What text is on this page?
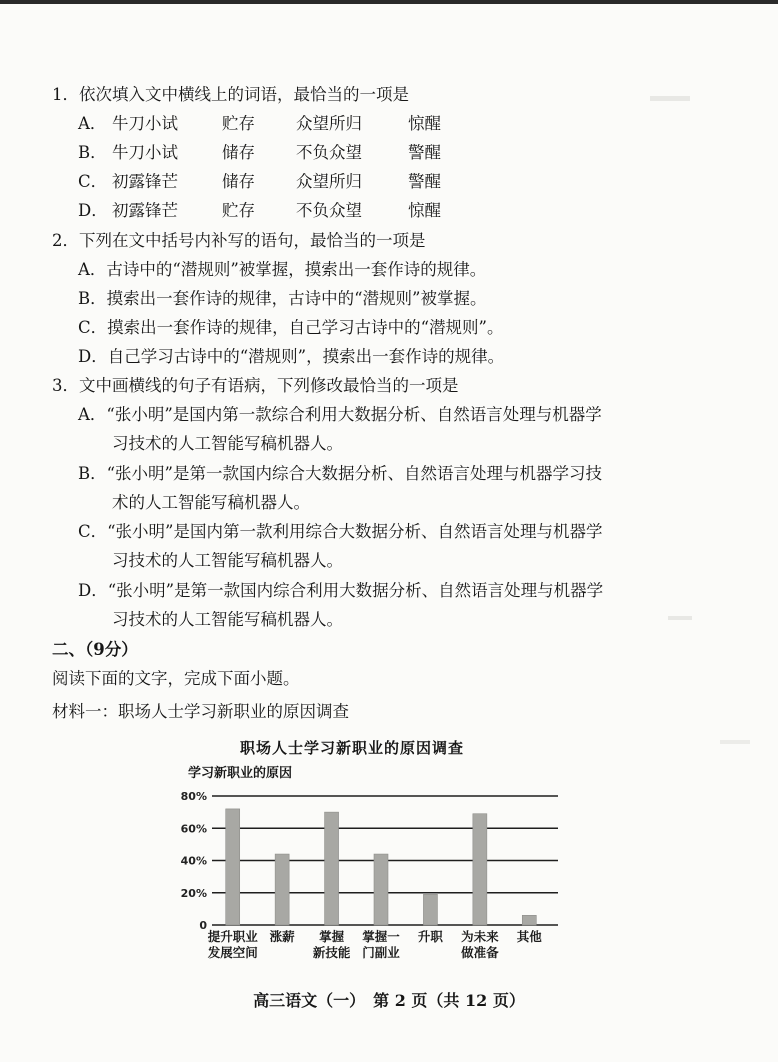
1．依次填入文中横线上的词语，最恰当的一项是
A． 牛刀小试	贮存 众望所归	惊醒
B． 牛刀小试	储存 不负众望	警醒
C． 初露锋芒	储存 众望所归	警醒
D． 初露锋芒	贮存 不负众望	惊醒
2．下列在文中括号内补写的语句，最恰当的一项是
A．古诗中的“潜规则”被掌握，摸索出一套作诗的规律。
B．摸索出一套作诗的规律，古诗中的“潜规则”被掌握。
C．摸索出一套作诗的规律，自己学习古诗中的“潜规则”。
D．自己学习古诗中的“潜规则”，摸索出一套作诗的规律。
3．文中画横线的句子有语病，下列修改最恰当的一项是
A．“张小明”是国内第一款综合利用大数据分析、自然语言处理与机器学
习技术的人工智能写稿机器人。
B．“张小明”是第一款国内综合大数据分析、自然语言处理与机器学习技
术的人工智能写稿机器人。
C．“张小明”是国内第一款利用综合大数据分析、自然语言处理与机器学
习技术的人工智能写稿机器人。
D．“张小明”是第一款国内综合利用大数据分析、自然语言处理与机器学
习技术的人工智能写稿机器人。
二、（9分）
阅读下面的文字，完成下面小题。
材料一：职场人士学习新职业的原因调查
职场人士学习新职业的原因调查
学习新职业的原因
0
20%
40%
60%
80%
提升职业
发展空间
涨薪 掌握
新技能
掌握一
门副业
升职 为未来
做准备
其他
高三语文（一）　第 2 页（共 12 页）
